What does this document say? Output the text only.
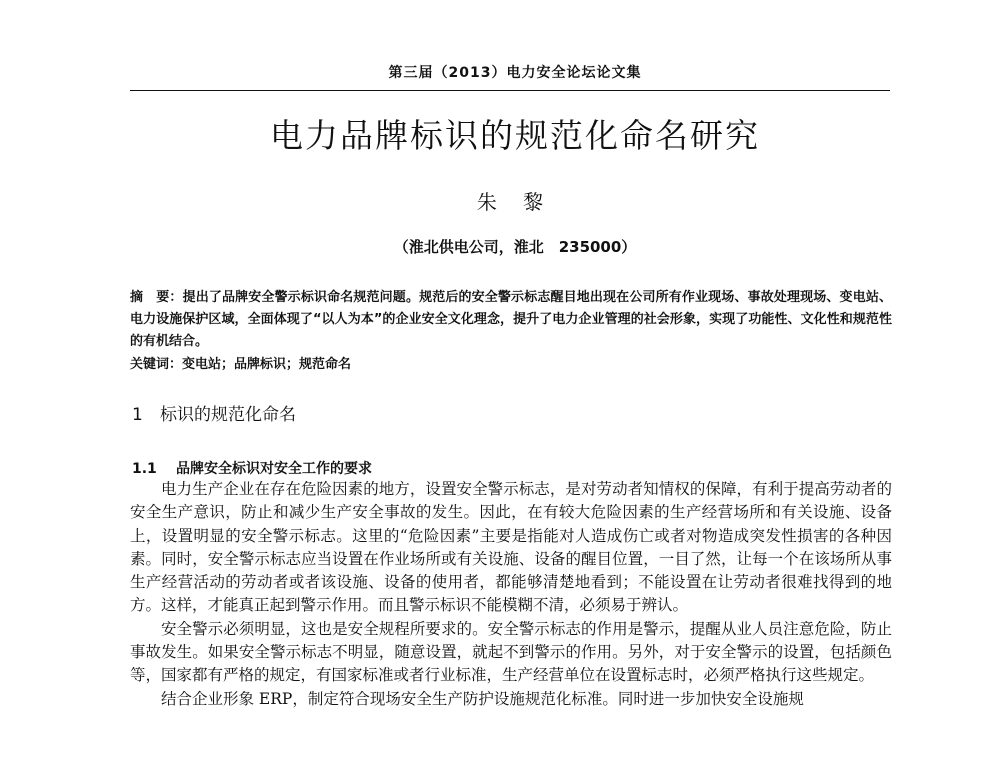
第三届（2013）电力安全论坛论文集
电力品牌标识的规范化命名研究
朱 黎
（淮北供电公司，淮北　235000）
摘　要：提出了品牌安全警示标识命名规范问题。规范后的安全警示标志醒目地出现在公司所有作业现场、事故处理现场、变电站、电力设施保护区域，全面体现了“以人为本”的企业安全文化理念，提升了电力企业管理的社会形象，实现了功能性、文化性和规范性的有机结合。
关键词：变电站；品牌标识；规范命名
1 标识的规范化命名
1.1 品牌安全标识对安全工作的要求

电力生产企业在存在危险因素的地方，设置安全警示标志，是对劳动者知情权的保障，有利于提高劳动者的安全生产意识，防止和减少生产安全事故的发生。因此，在有较大危险因素的生产经营场所和有关设施、设备上，设置明显的安全警示标志。这里的“危险因素”主要是指能对人造成伤亡或者对物造成突发性损害的各种因素。同时，安全警示标志应当设置在作业场所或有关设施、设备的醒目位置，一目了然，让每一个在该场所从事生产经营活动的劳动者或者该设施、设备的使用者，都能够清楚地看到；不能设置在让劳动者很难找得到的地方。这样，才能真正起到警示作用。而且警示标识不能模糊不清，必须易于辨认。

安全警示必须明显，这也是安全规程所要求的。安全警示标志的作用是警示，提醒从业人员注意危险，防止事故发生。如果安全警示标志不明显，随意设置，就起不到警示的作用。另外，对于安全警示的设置，包括颜色等，国家都有严格的规定，有国家标准或者行业标准，生产经营单位在设置标志时，必须严格执行这些规定。

结合企业形象 ERP，制定符合现场安全生产防护设施规范化标准。同时进一步加快安全设施规
